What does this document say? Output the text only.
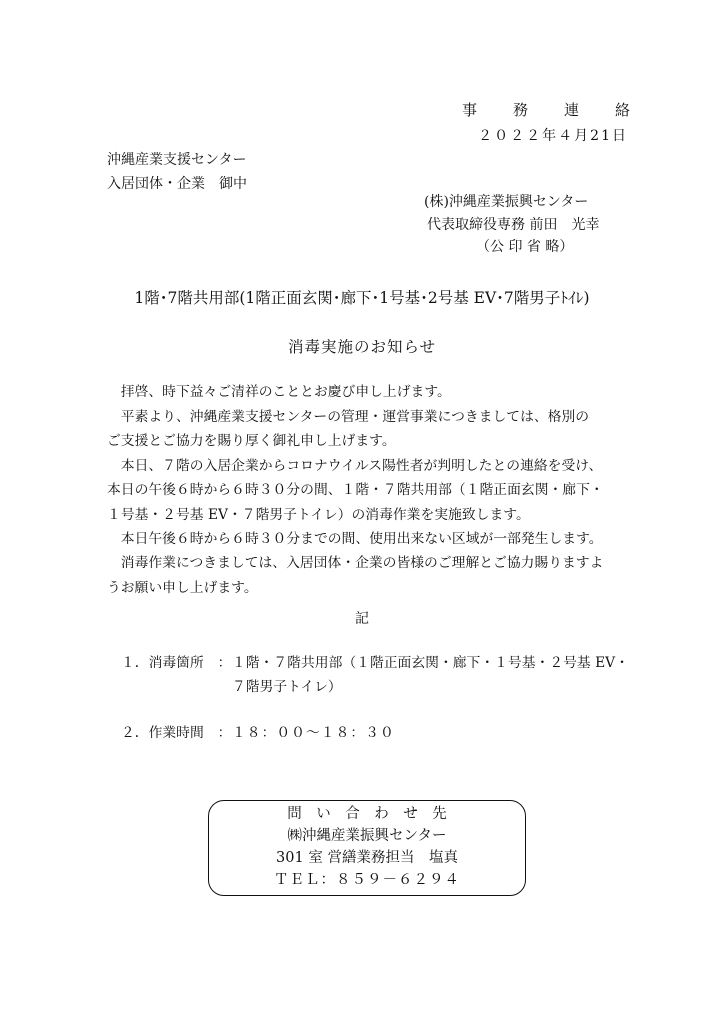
事 務 連 絡
２０２２年４月21日
沖縄産業支援センター
入居団体・企業　御中
(株)沖縄産業振興センター
代表取締役専務 前田　光幸
（公 印 省 略）
1階･7階共用部(1階正面玄関･廊下･1号基･2号基 EV･7階男子ﾄｲﾚ)
消毒実施のお知らせ
　拝啓、時下益々ご清祥のこととお慶び申し上げます。
　平素より、沖縄産業支援センターの管理・運営事業につきましては、格別の
ご支援とご協力を賜り厚く御礼申し上げます。
　本日、７階の入居企業からコロナウイルス陽性者が判明したとの連絡を受け、
本日の午後６時から６時３０分の間、１階・７階共用部（１階正面玄関・廊下・
１号基・２号基 EV・７階男子トイレ）の消毒作業を実施致します。
　本日午後６時から６時３０分までの間、使用出来ない区域が一部発生します。
　消毒作業につきましては、入居団体・企業の皆様のご理解とご協力賜りますよ
うお願い申し上げます。
記
１．消毒箇所　： １階・７階共用部（１階正面玄関・廊下・１号基・２号基 EV・
７階男子トイレ）
２．作業時間　： １８：００～１８：３０
問　い　合　わ　せ　先
㈱沖縄産業振興センター
301 室 営繕業務担当　塩真
ＴＥＬ：８５９－６２９４
